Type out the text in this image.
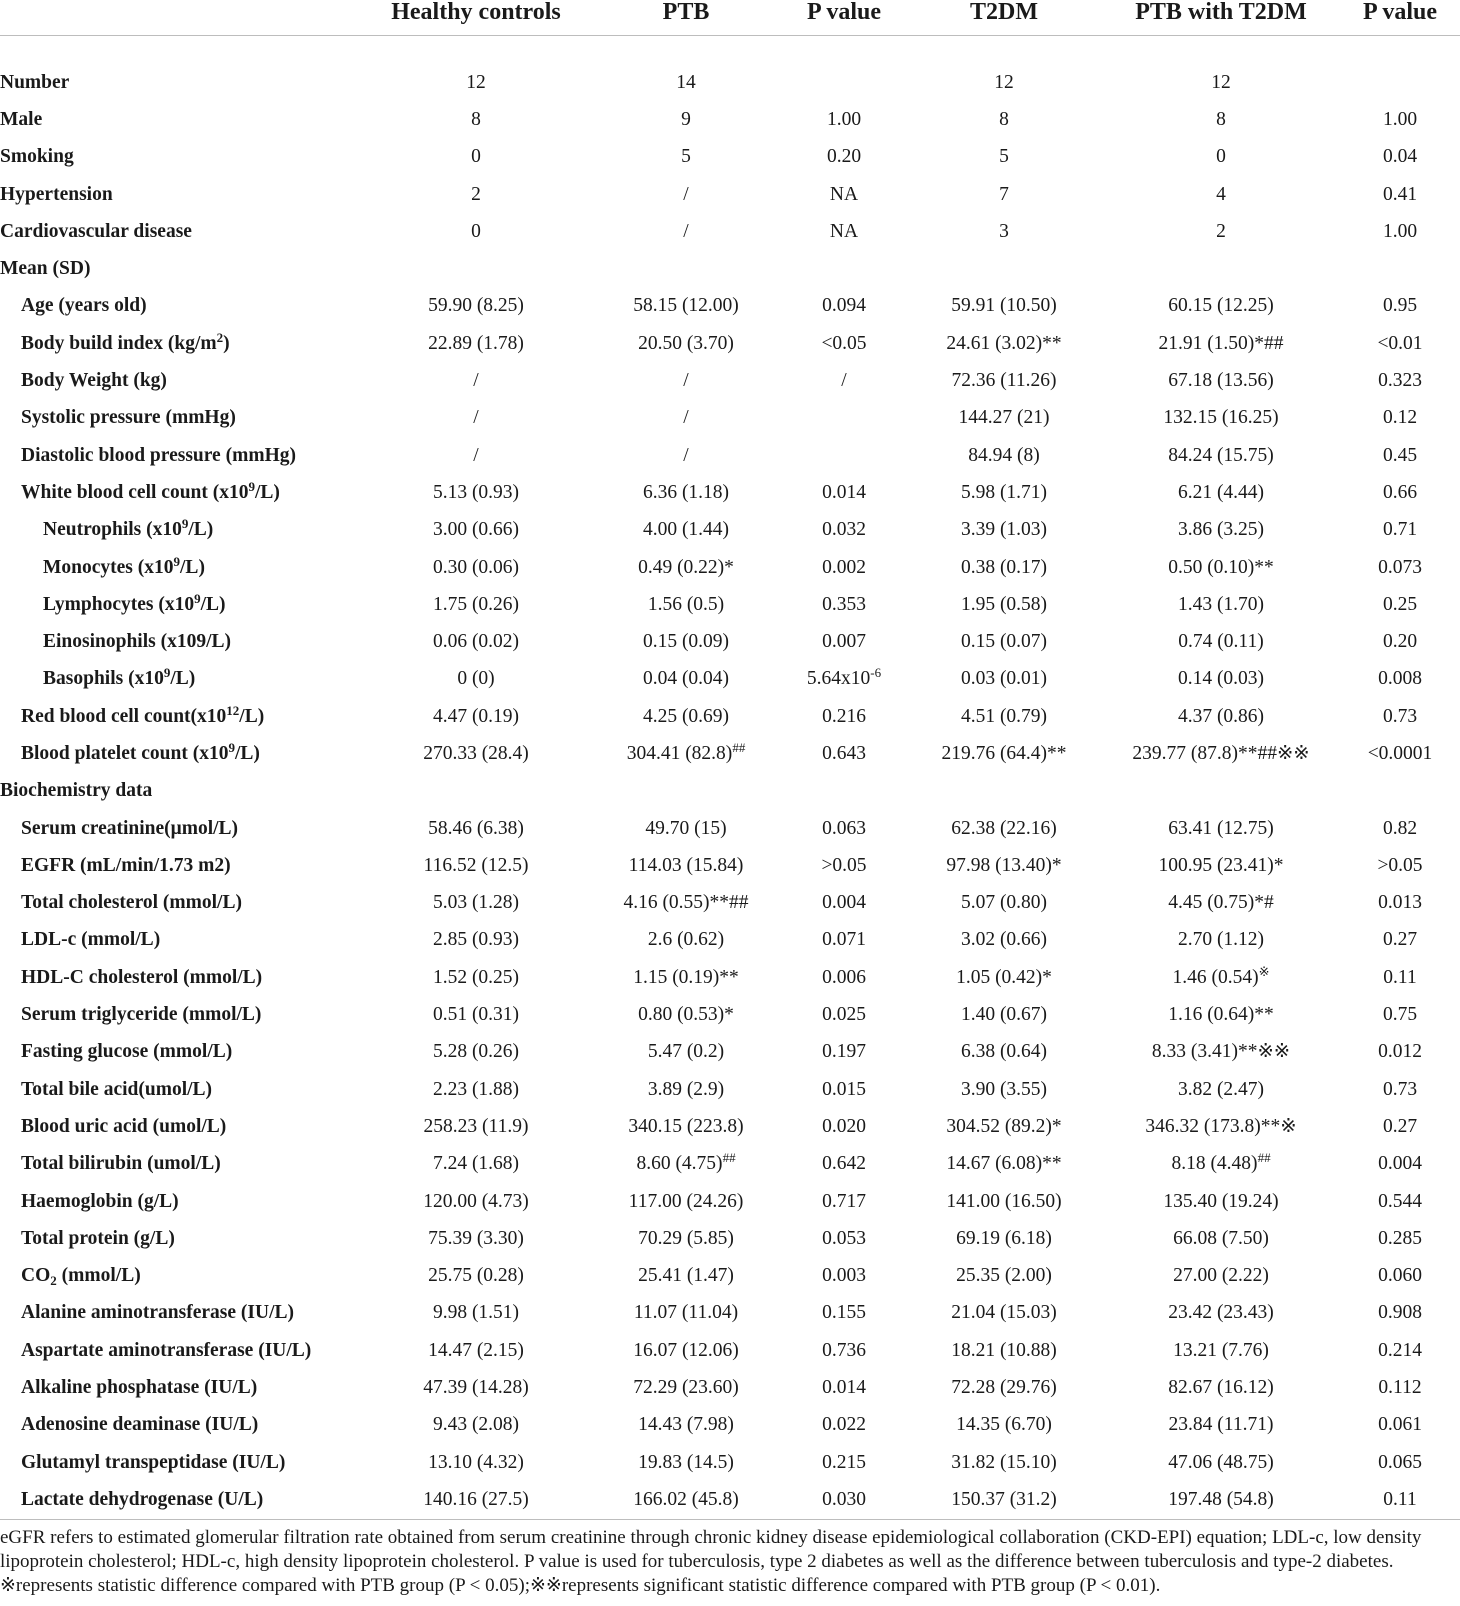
	Healthy controls	PTB	P value	T2DM	PTB with T2DM	P value

Number	12	14		12	12	
Male	8	9	1.00	8	8	1.00
Smoking	0	5	0.20	5	0	0.04
Hypertension	2	/	NA	7	4	0.41
Cardiovascular disease	0	/	NA	3	2	1.00
Mean (SD)						
Age (years old)	59.90 (8.25)	58.15 (12.00)	0.094	59.91 (10.50)	60.15 (12.25)	0.95
Body build index $(kg/m^2)$	22.89 (1.78)	20.50 (3.70)	<0.05	24.61 (3.02)**	21.91 (1.50)*##	<0.01
Body Weight (kg)	/	/	/	72.36 (11.26)	67.18 (13.56)	0.323
Systolic pressure (mmHg)	/	/		144.27 (21)	132.15 (16.25)	0.12
Diastolic blood pressure (mmHg)	/	/		84.94 (8)	84.24 (15.75)	0.45
White blood cell count $(x10^9/L)$	5.13 (0.93)	6.36 (1.18)	0.014	5.98 (1.71)	6.21 (4.44)	0.66
Neutrophils $(x10^9/L)$	3.00 (0.66)	4.00 (1.44)	0.032	3.39 (1.03)	3.86 (3.25)	0.71
Monocytes $(x10^9/L)$	0.30 (0.06)	0.49 (0.22)*	0.002	0.38 (0.17)	0.50 (0.10)**	0.073
Lymphocytes $(x10^9/L)$	1.75 (0.26)	1.56 (0.5)	0.353	1.95 (0.58)	1.43 (1.70)	0.25
Einosinophils (x109/L)	0.06 (0.02)	0.15 (0.09)	0.007	0.15 (0.07)	0.74 (0.11)	0.20
Basophils $(x10^9/L)$	0 (0)	0.04 (0.04)	$5.64x10^{-6}$	0.03 (0.01)	0.14 (0.03)	0.008
Red blood cell $count(x10^{12}/L)$	4.47 (0.19)	4.25 (0.69)	0.216	4.51 (0.79)	4.37 (0.86)	0.73
Blood platelet count $(x10^9/L)$	270.33 (28.4)	304.41 (82.8)##	0.643	219.76 (64.4)**	239.77 (87.8)**##※※	<0.0001
Biochemistry data						
Serum creatinine(μmol/L)	58.46 (6.38)	49.70 (15)	0.063	62.38 (22.16)	63.41 (12.75)	0.82
EGFR (mL/min/1.73 m2)	116.52 (12.5)	114.03 (15.84)	>0.05	97.98 (13.40)*	100.95 (23.41)*	>0.05
Total cholesterol (mmol/L)	5.03 (1.28)	4.16 (0.55)**##	0.004	5.07 (0.80)	4.45 (0.75)*#	0.013
LDL-c (mmol/L)	2.85 (0.93)	2.6 (0.62)	0.071	3.02 (0.66)	2.70 (1.12)	0.27
HDL-C cholesterol (mmol/L)	1.52 (0.25)	1.15 (0.19)**	0.006	1.05 (0.42)*	1.46 (0.54)※	0.11
Serum triglyceride (mmol/L)	0.51 (0.31)	0.80 (0.53)*	0.025	1.40 (0.67)	1.16 (0.64)**	0.75
Fasting glucose (mmol/L)	5.28 (0.26)	5.47 (0.2)	0.197	6.38 (0.64)	8.33 (3.41)**※※	0.012
Total bile acid(umol/L)	2.23 (1.88)	3.89 (2.9)	0.015	3.90 (3.55)	3.82 (2.47)	0.73
Blood uric acid (umol/L)	258.23 (11.9)	340.15 (223.8)	0.020	304.52 (89.2)*	346.32 (173.8)**※	0.27
Total bilirubin (umol/L)	7.24 (1.68)	8.60 (4.75)##	0.642	14.67 (6.08)**	8.18 (4.48)##	0.004
Haemoglobin (g/L)	120.00 (4.73)	117.00 (24.26)	0.717	141.00 (16.50)	135.40 (19.24)	0.544
Total protein (g/L)	75.39 (3.30)	70.29 (5.85)	0.053	69.19 (6.18)	66.08 (7.50)	0.285
$CO_2$ (mmol/L)	25.75 (0.28)	25.41 (1.47)	0.003	25.35 (2.00)	27.00 (2.22)	0.060
Alanine aminotransferase (IU/L)	9.98 (1.51)	11.07 (11.04)	0.155	21.04 (15.03)	23.42 (23.43)	0.908
Aspartate aminotransferase (IU/L)	14.47 (2.15)	16.07 (12.06)	0.736	18.21 (10.88)	13.21 (7.76)	0.214
Alkaline phosphatase (IU/L)	47.39 (14.28)	72.29 (23.60)	0.014	72.28 (29.76)	82.67 (16.12)	0.112
Adenosine deaminase (IU/L)	9.43 (2.08)	14.43 (7.98)	0.022	14.35 (6.70)	23.84 (11.71)	0.061
Glutamyl transpeptidase (IU/L)	13.10 (4.32)	19.83 (14.5)	0.215	31.82 (15.10)	47.06 (48.75)	0.065
Lactate dehydrogenase (U/L)	140.16 (27.5)	166.02 (45.8)	0.030	150.37 (31.2)	197.48 (54.8)	0.11

eGFR refers to estimated glomerular filtration rate obtained from serum creatinine through chronic kidney disease epidemiological collaboration (CKD-EPI) equation; LDL-c, low density lipoprotein cholesterol; HDL-c, high density lipoprotein cholesterol. P value is used for tuberculosis, type 2 diabetes as well as the difference between tuberculosis and type-2 diabetes.

※represents statistic difference compared with PTB group (P < 0.05);※※represents significant statistic difference compared with PTB group (P < 0.01).
